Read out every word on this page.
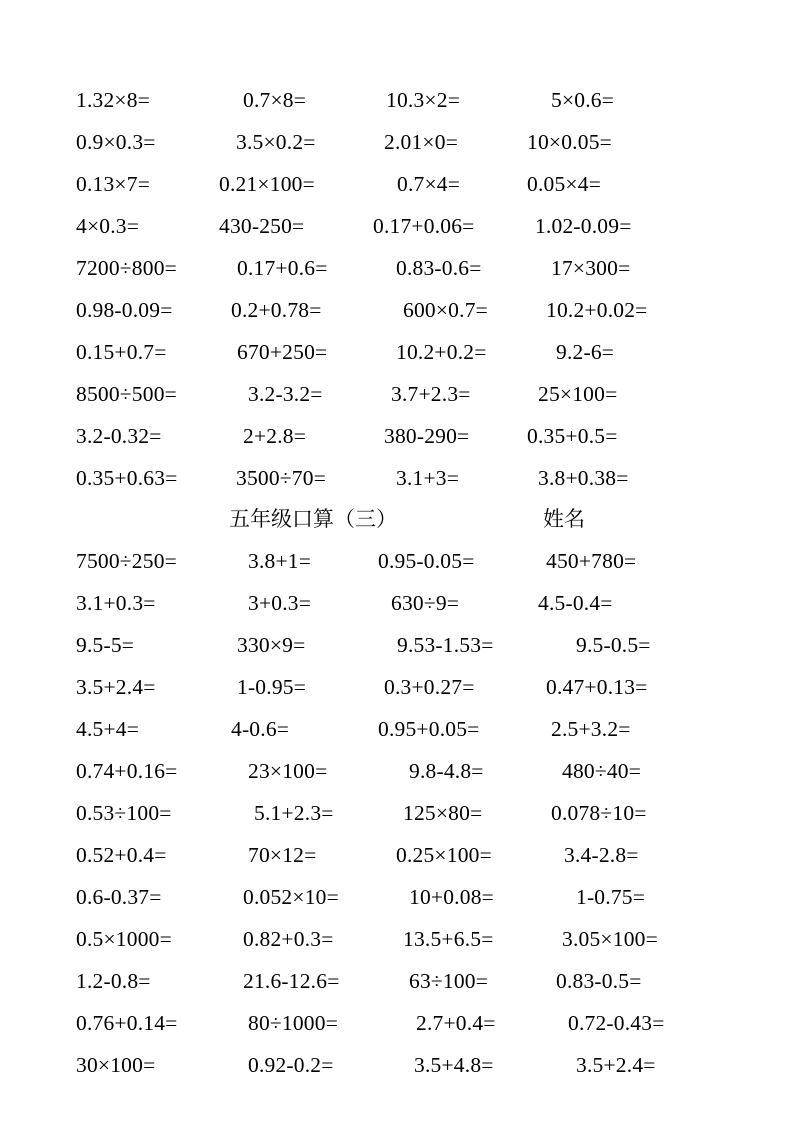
1.32×8=	0.7×8=	10.3×2=	5×0.6=
0.9×0.3=	3.5×0.2=	2.01×0=	10×0.05=
0.13×7=	0.21×100=	0.7×4=	0.05×4=
4×0.3=	430-250=	0.17+0.06=	1.02-0.09=
7200÷800=	0.17+0.6=	0.83-0.6=	17×300=
0.98-0.09=	0.2+0.78=	600×0.7=	10.2+0.02=
0.15+0.7=	670+250=	10.2+0.2=	9.2-6=
8500÷500=	3.2-3.2=	3.7+2.3=	25×100=
3.2-0.32=	2+2.8=	380-290=	0.35+0.5=
0.35+0.63=	3500÷70=	3.1+3=	3.8+0.38=
五年级口算（三）	姓名
7500÷250=	3.8+1=	0.95-0.05=	450+780=
3.1+0.3=	3+0.3=	630÷9=	4.5-0.4=
9.5-5=	330×9=	9.53-1.53=	9.5-0.5=
3.5+2.4=	1-0.95=	0.3+0.27=	0.47+0.13=
4.5+4=	4-0.6=	0.95+0.05=	2.5+3.2=
0.74+0.16=	23×100=	9.8-4.8=	480÷40=
0.53÷100=	5.1+2.3=	125×80=	0.078÷10=
0.52+0.4=	70×12=	0.25×100=	3.4-2.8=
0.6-0.37=	0.052×10=	10+0.08=	1-0.75=
0.5×1000=	0.82+0.3=	13.5+6.5=	3.05×100=
1.2-0.8=	21.6-12.6=	63÷100=	0.83-0.5=
0.76+0.14=	80÷1000=	2.7+0.4=	0.72-0.43=
30×100=	0.92-0.2=	3.5+4.8=	3.5+2.4=
